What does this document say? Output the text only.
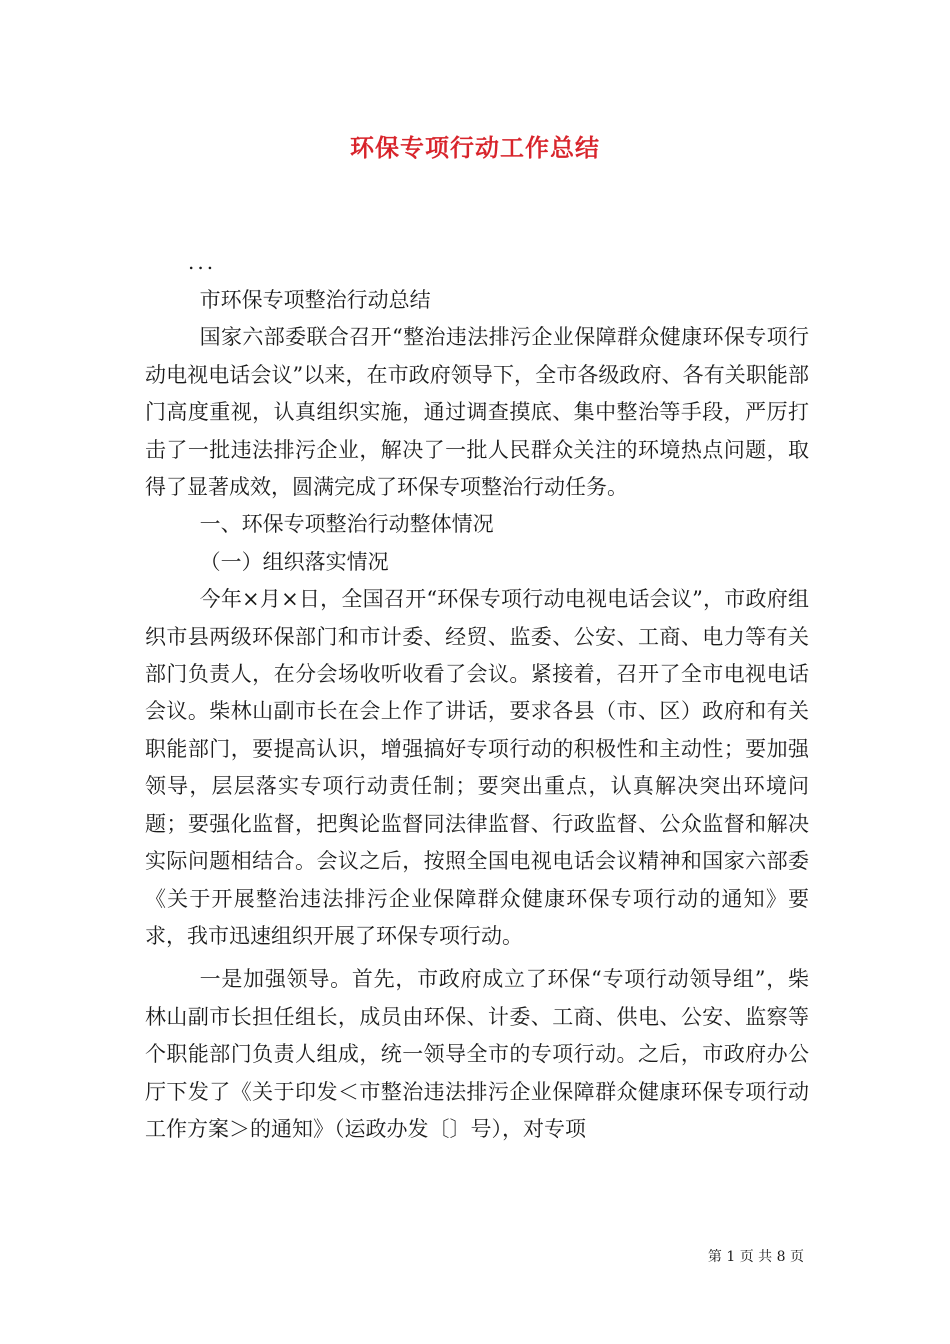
环保专项行动工作总结
...

市环保专项整治行动总结

国家六部委联合召开“整治违法排污企业保障群众健康环保专项行动电视电话会议”以来，在市政府领导下，全市各级政府、各有关职能部门高度重视，认真组织实施，通过调查摸底、集中整治等手段，严厉打击了一批违法排污企业，解决了一批人民群众关注的环境热点问题，取得了显著成效，圆满完成了环保专项整治行动任务。

一、环保专项整治行动整体情况

（一）组织落实情况

今年×月×日，全国召开“环保专项行动电视电话会议”，市政府组织市县两级环保部门和市计委、经贸、监委、公安、工商、电力等有关部门负责人，在分会场收听收看了会议。紧接着，召开了全市电视电话会议。柴林山副市长在会上作了讲话，要求各县（市、区）政府和有关职能部门，要提高认识，增强搞好专项行动的积极性和主动性；要加强领导，层层落实专项行动责任制；要突出重点，认真解决突出环境问题；要强化监督，把舆论监督同法律监督、行政监督、公众监督和解决实际问题相结合。会议之后，按照全国电视电话会议精神和国家六部委《关于开展整治违法排污企业保障群众健康环保专项行动的通知》要求，我市迅速组织开展了环保专项行动。

一是加强领导。首先，市政府成立了环保“专项行动领导组”，柴林山副市长担任组长，成员由环保、计委、工商、供电、公安、监察等个职能部门负责人组成，统一领导全市的专项行动。之后，市政府办公厅下发了《关于印发＜市整治违法排污企业保障群众健康环保专项行动工作方案＞的通知》（运政办发〔〕号），对专项

第 1 页 共 8 页
